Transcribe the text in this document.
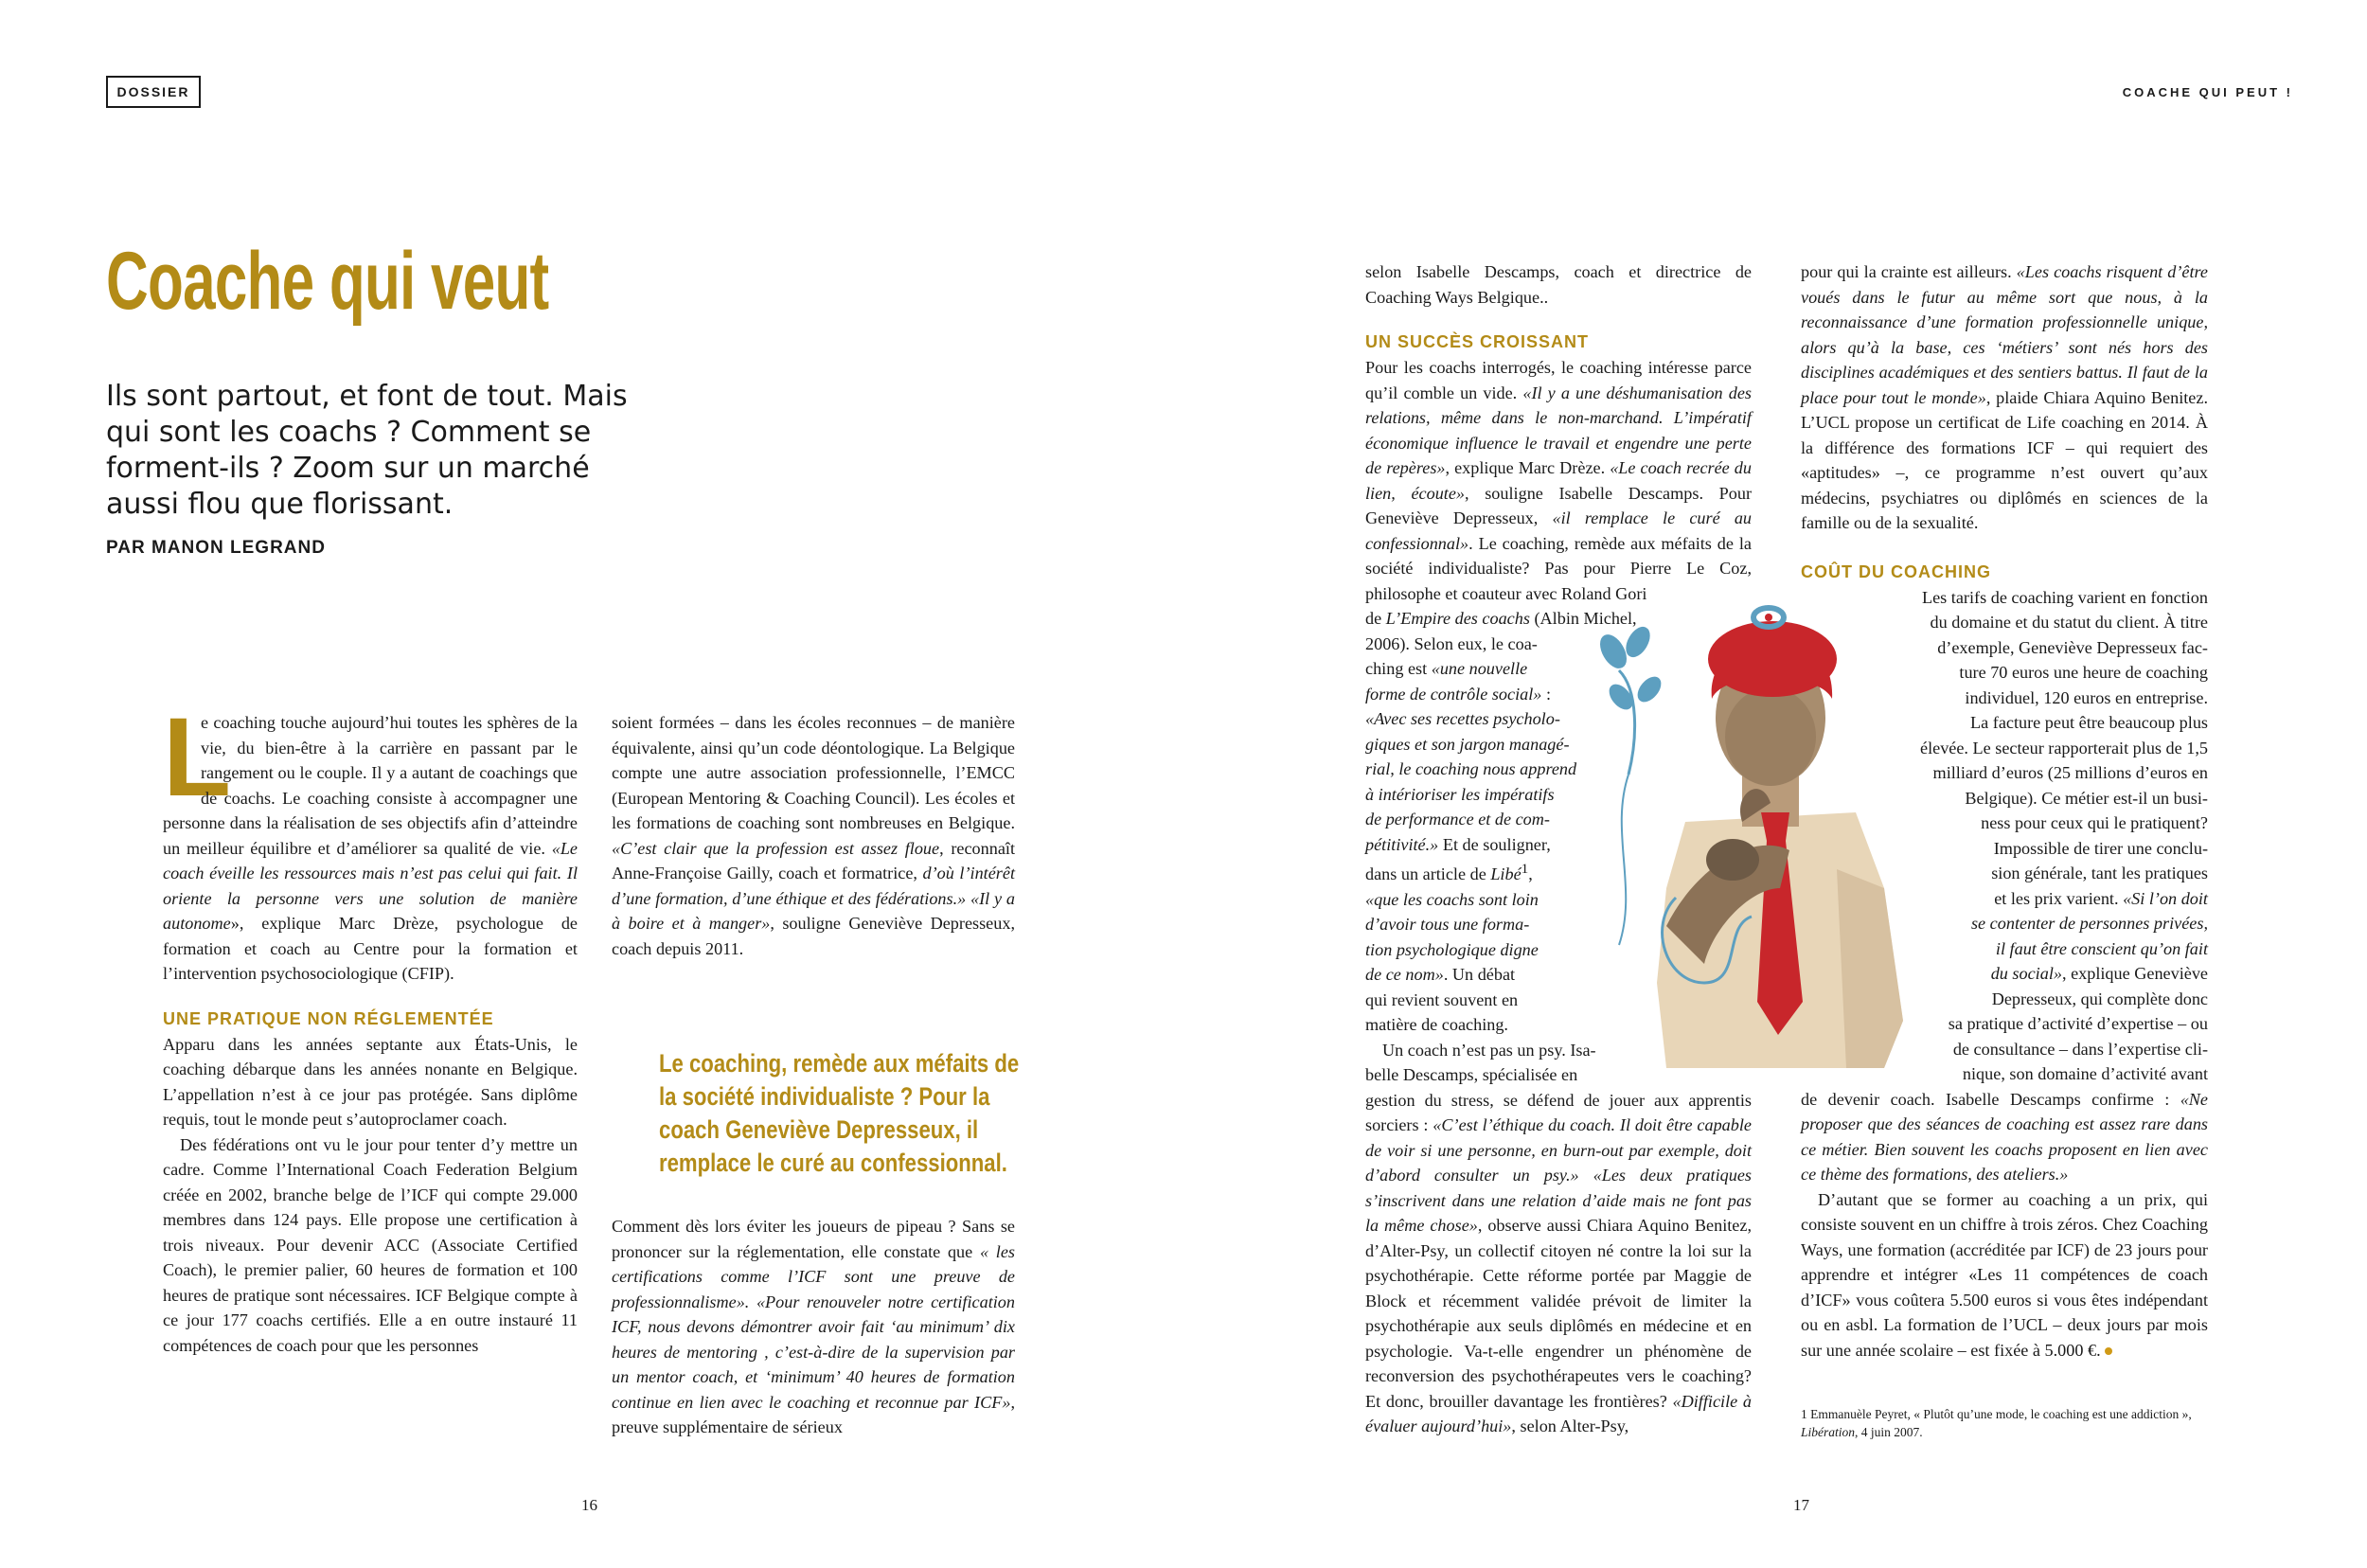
DOSSIER	COACHE QUI PEUT !
Coache qui veut
Ils sont partout, et font de tout. Mais qui sont les coachs ? Comment se forment-ils ? Zoom sur un marché aussi flou que florissant.
PAR MANON LEGRAND

L
e coaching touche aujourd’hui toutes les sphères de la vie, du bien-être à la carrière en passant par le rangement ou le couple. Il y a autant de coachings que de coachs. Le coaching consiste à accompagner une personne dans la réalisation de ses objectifs afin d’atteindre un meilleur équilibre et d’améliorer sa qualité de vie. «Le coach éveille les ressources mais n’est pas celui qui fait. Il oriente la personne vers une solution de manière autonome», explique Marc Drèze, psychologue de formation et coach au Centre pour la formation et l’intervention psychosociologique (CFIP).

UNE PRATIQUE NON RÉGLEMENTÉE

Apparu dans les années septante aux États-Unis, le coaching débarque dans les années nonante en Belgique. L’appellation n’est à ce jour pas protégée. Sans diplôme requis, tout le monde peut s’autoproclamer coach.

Des fédérations ont vu le jour pour tenter d’y mettre un cadre. Comme l’International Coach Federation Belgium créée en 2002, branche belge de l’ICF qui compte 29.000 membres dans 124 pays. Elle propose une certification à trois niveaux. Pour devenir ACC (Associate Certified Coach), le premier palier, 60 heures de formation et 100 heures de pratique sont nécessaires. ICF Belgique compte à ce jour 177 coachs certifiés. Elle a en outre instauré 11 compétences de coach pour que les personnes

soient formées – dans les écoles reconnues – de manière équivalente, ainsi qu’un code déontologique. La Belgique compte une autre association professionnelle, l’EMCC (European Mentoring & Coaching Council). Les écoles et les formations de coaching sont nombreuses en Belgique. «C’est clair que la profession est assez floue, reconnaît Anne-Françoise Gailly, coach et formatrice, d’où l’intérêt d’une formation, d’une éthique et des fédérations.» «Il y a à boire et à manger», souligne Geneviève Depresseux, coach depuis 2011.

Le coaching, remède aux méfaits de la société individualiste ? Pour la coach Geneviève Depresseux, il remplace le curé au confessionnal.

Comment dès lors éviter les joueurs de pipeau ? Sans se prononcer sur la réglementation, elle constate que « les certifications comme l’ICF sont une preuve de professionnalisme». «Pour renouveler notre certification ICF, nous devons démontrer avoir fait ‘au minimum’ dix heures de mentoring , c’est-à-dire de la supervision par un mentor coach, et ‘minimum’ 40 heures de formation continue en lien avec le coaching et reconnue par ICF», preuve supplémentaire de sérieux

16

selon Isabelle Descamps, coach et directrice de Coaching Ways Belgique..

UN SUCCÈS CROISSANT

Pour les coachs interrogés, le coaching intéresse parce qu’il comble un vide. «Il y a une déshumanisation des relations, même dans le non-marchand. L’impératif économique influence le travail et engendre une perte de repères», explique Marc Drèze. «Le coach recrée du lien, écoute», souligne Isabelle Descamps. Pour Geneviève Depresseux, «il remplace le curé au confessionnal». Le coaching, remède aux méfaits de la société individualiste? Pas pour Pierre Le Coz, philosophe et coauteur avec Roland Gori
de L’Empire des coachs (Albin Michel,
2006). Selon eux, le coa-
ching est «une nouvelle
forme de contrôle social» :
«Avec ses recettes psycholo-
giques et son jargon managé-
rial, le coaching nous apprend
à intérioriser les impératifs
de performance et de com-
pétitivité.» Et de souligner,
dans un article de Libé$^1$,
«que les coachs sont loin
d’avoir tous une forma-
tion psychologique digne
de ce nom». Un débat
qui revient souvent en
matière de coaching.

Un coach n’est pas un psy. Isa-
belle Descamps, spécialisée en
gestion du stress, se défend de jouer aux apprentis sorciers : «C’est l’éthique du coach. Il doit être capable de voir si une personne, en burn-out par exemple, doit d’abord consulter un psy.» «Les deux pratiques s’inscrivent dans une relation d’aide mais ne font pas la même chose», observe aussi Chiara Aquino Benitez, d’Alter-Psy, un collectif citoyen né contre la loi sur la psychothérapie. Cette réforme portée par Maggie de Block et récemment validée prévoit de limiter la psychothérapie aux seuls diplômés en médecine et en psychologie. Va-t-elle engendrer un phénomène de reconversion des psychothérapeutes vers le coaching? Et donc, brouiller davantage les frontières? «Difficile à évaluer aujourd’hui», selon Alter-Psy,

pour qui la crainte est ailleurs. «Les coachs risquent d’être voués dans le futur au même sort que nous, à la reconnaissance d’une formation professionnelle unique, alors qu’à la base, ces ‘métiers’ sont nés hors des disciplines académiques et des sentiers battus. Il faut de la place pour tout le monde», plaide Chiara Aquino Benitez. L’UCL propose un certificat de Life coaching en 2014. À la différence des formations ICF – qui requiert des «aptitudes» –, ce programme n’est ouvert qu’aux médecins, psychiatres ou diplômés en sciences de la famille ou de la sexualité.

COÛT DU COACHING

Les tarifs de coaching varient en fonction
du domaine et du statut du client. À titre
d’exemple, Geneviève Depresseux fac-
ture 70 euros une heure de coaching
individuel, 120 euros en entreprise.
La facture peut être beaucoup plus
élevée. Le secteur rapporterait plus de 1,5
milliard d’euros (25 millions d’euros en
Belgique). Ce métier est-il un busi-
ness pour ceux qui le pratiquent?
Impossible de tirer une conclu-
sion générale, tant les pratiques
et les prix varient. «Si l’on doit
se contenter de personnes privées,
il faut être conscient qu’on fait
du social», explique Geneviève
Depresseux, qui complète donc
sa pratique d’activité d’expertise – ou
de consultance – dans l’expertise cli-
nique, son domaine d’activité avant

de devenir coach. Isabelle Descamps confirme : «Ne proposer que des séances de coaching est assez rare dans ce métier. Bien souvent les coachs proposent en lien avec ce thème des formations, des ateliers.»

D’autant que se former au coaching a un prix, qui consiste souvent en un chiffre à trois zéros. Chez Coaching Ways, une formation (accréditée par ICF) de 23 jours pour apprendre et intégrer «Les 11 compétences de coach d’ICF» vous coûtera 5.500 euros si vous êtes indépendant ou en asbl. La formation de l’UCL – deux jours par mois sur une année scolaire – est fixée à 5.000 €.

1 Emmanuèle Peyret, « Plutôt qu’une mode, le coaching est une addiction », Libération, 4 juin 2007.
17
